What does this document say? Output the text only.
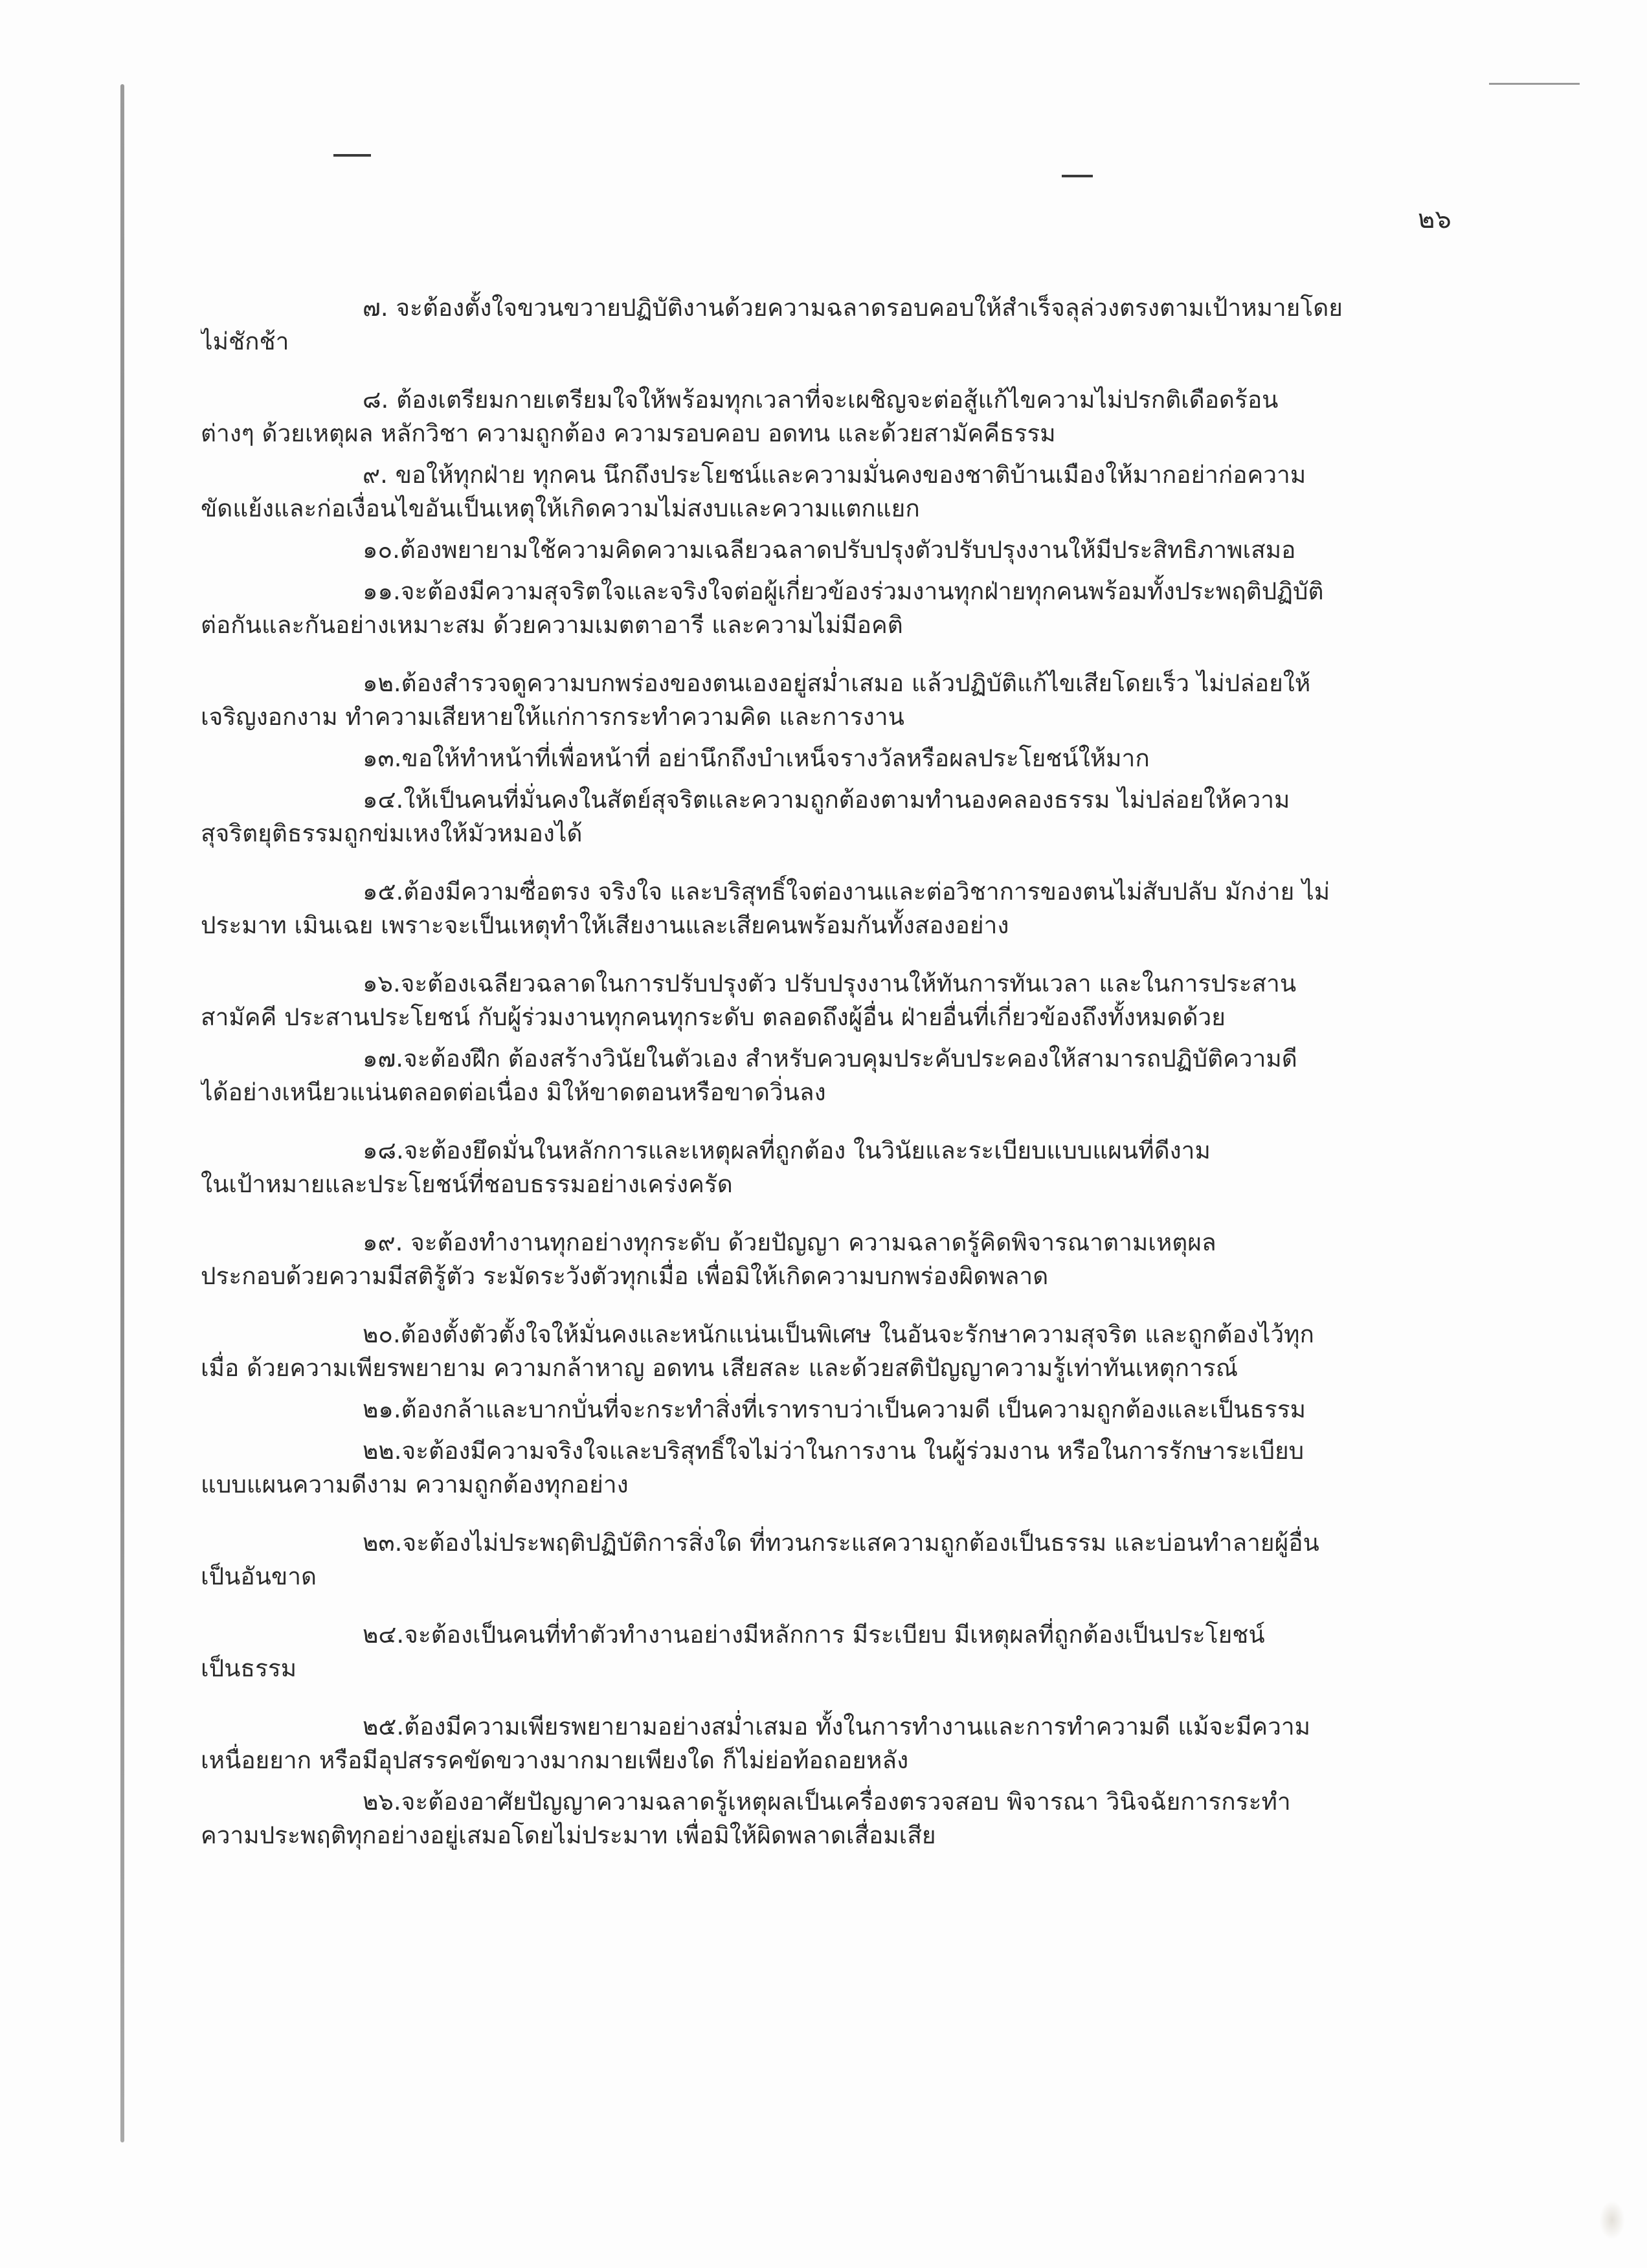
๒๖
๗. จะต้องตั้งใจขวนขวายปฏิบัติงานด้วยความฉลาดรอบคอบให้สำเร็จลุล่วงตรงตามเป้าหมายโดย
ไม่ชักช้า
๘. ต้องเตรียมกายเตรียมใจให้พร้อมทุกเวลาที่จะเผชิญจะต่อสู้แก้ไขความไม่ปรกติเดือดร้อน
ต่างๆ ด้วยเหตุผล หลักวิชา ความถูกต้อง ความรอบคอบ อดทน และด้วยสามัคคีธรรม
๙. ขอให้ทุกฝ่าย ทุกคน นึกถึงประโยชน์และความมั่นคงของชาติบ้านเมืองให้มากอย่าก่อความ
ขัดแย้งและก่อเงื่อนไขอันเป็นเหตุให้เกิดความไม่สงบและความแตกแยก
๑๐.ต้องพยายามใช้ความคิดความเฉลียวฉลาดปรับปรุงตัวปรับปรุงงานให้มีประสิทธิภาพเสมอ
๑๑.จะต้องมีความสุจริตใจและจริงใจต่อผู้เกี่ยวข้องร่วมงานทุกฝ่ายทุกคนพร้อมทั้งประพฤติปฏิบัติ
ต่อกันและกันอย่างเหมาะสม ด้วยความเมตตาอารี และความไม่มีอคติ
๑๒.ต้องสำรวจดูความบกพร่องของตนเองอยู่สม่ำเสมอ แล้วปฏิบัติแก้ไขเสียโดยเร็ว ไม่ปล่อยให้
เจริญงอกงาม ทำความเสียหายให้แก่การกระทำความคิด และการงาน
๑๓.ขอให้ทำหน้าที่เพื่อหน้าที่ อย่านึกถึงบำเหน็จรางวัลหรือผลประโยชน์ให้มาก
๑๔.ให้เป็นคนที่มั่นคงในสัตย์สุจริตและความถูกต้องตามทำนองคลองธรรม ไม่ปล่อยให้ความ
สุจริตยุติธรรมถูกข่มเหงให้มัวหมองได้
๑๕.ต้องมีความซื่อตรง จริงใจ และบริสุทธิ์ใจต่องานและต่อวิชาการของตนไม่สับปลับ มักง่าย ไม่
ประมาท เมินเฉย เพราะจะเป็นเหตุทำให้เสียงานและเสียคนพร้อมกันทั้งสองอย่าง
๑๖.จะต้องเฉลียวฉลาดในการปรับปรุงตัว ปรับปรุงงานให้ทันการทันเวลา และในการประสาน
สามัคคี ประสานประโยชน์ กับผู้ร่วมงานทุกคนทุกระดับ ตลอดถึงผู้อื่น ฝ่ายอื่นที่เกี่ยวข้องถึงทั้งหมดด้วย
๑๗.จะต้องฝึก ต้องสร้างวินัยในตัวเอง สำหรับควบคุมประคับประคองให้สามารถปฏิบัติความดี
ได้อย่างเหนียวแน่นตลอดต่อเนื่อง มิให้ขาดตอนหรือขาดวิ่นลง
๑๘.จะต้องยึดมั่นในหลักการและเหตุผลที่ถูกต้อง ในวินัยและระเบียบแบบแผนที่ดีงาม
ในเป้าหมายและประโยชน์ที่ชอบธรรมอย่างเคร่งครัด
๑๙. จะต้องทำงานทุกอย่างทุกระดับ ด้วยปัญญา ความฉลาดรู้คิดพิจารณาตามเหตุผล
ประกอบด้วยความมีสติรู้ตัว ระมัดระวังตัวทุกเมื่อ เพื่อมิให้เกิดความบกพร่องผิดพลาด
๒๐.ต้องตั้งตัวตั้งใจให้มั่นคงและหนักแน่นเป็นพิเศษ ในอันจะรักษาความสุจริต และถูกต้องไว้ทุก
เมื่อ ด้วยความเพียรพยายาม ความกล้าหาญ อดทน เสียสละ และด้วยสติปัญญาความรู้เท่าทันเหตุการณ์
๒๑.ต้องกล้าและบากบั่นที่จะกระทำสิ่งที่เราทราบว่าเป็นความดี เป็นความถูกต้องและเป็นธรรม
๒๒.จะต้องมีความจริงใจและบริสุทธิ์ใจไม่ว่าในการงาน ในผู้ร่วมงาน หรือในการรักษาระเบียบ
แบบแผนความดีงาม ความถูกต้องทุกอย่าง
๒๓.จะต้องไม่ประพฤติปฏิบัติการสิ่งใด ที่ทวนกระแสความถูกต้องเป็นธรรม และบ่อนทำลายผู้อื่น
เป็นอันขาด
๒๔.จะต้องเป็นคนที่ทำตัวทำงานอย่างมีหลักการ มีระเบียบ มีเหตุผลที่ถูกต้องเป็นประโยชน์
เป็นธรรม
๒๕.ต้องมีความเพียรพยายามอย่างสม่ำเสมอ ทั้งในการทำงานและการทำความดี แม้จะมีความ
เหนื่อยยาก หรือมีอุปสรรคขัดขวางมากมายเพียงใด ก็ไม่ย่อท้อถอยหลัง
๒๖.จะต้องอาศัยปัญญาความฉลาดรู้เหตุผลเป็นเครื่องตรวจสอบ พิจารณา วินิจฉัยการกระทำ
ความประพฤติทุกอย่างอยู่เสมอโดยไม่ประมาท เพื่อมิให้ผิดพลาดเสื่อมเสีย
